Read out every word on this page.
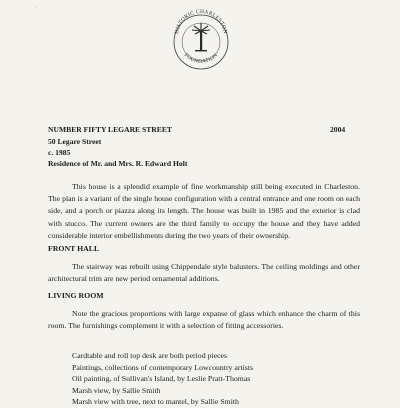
'
HISTORIC CHARLESTON
FOUNDATION
NUMBER FIFTY LEGARE STREET	2004
50 Legare Street
c. 1985
Residence of Mr. and Mrs. R. Edward Holt

This house is a splendid example of fine workmanship still being executed in Charleston. The plan is a variant of the single house configuration with a central entrance and one room on each side, and a porch or piazza along its length. The house was built in 1985 and the exterior is clad with stucco. The current owners are the third family to occupy the house and they have added considerable interior embellishments during the two years of their ownership.

FRONT HALL

The stairway was rebuilt using Chippendale style balusters. The ceiling moldings and other architectural trim are new period ornamental additions.

LIVING ROOM

Note the gracious proportions with large expanse of glass which enhance the charm of this room. The furnishings complement it with a selection of fitting accessories.

Cardtable and roll top desk are both period pieces
Paintings, collections of contemporary Lowcountry artists
Oil painting, of Sullivan's Island, by Leslie Pratt-Thomas
Marsh view, by Sallie Smith
Marsh view with tree, next to mantel, by Sallie Smith
